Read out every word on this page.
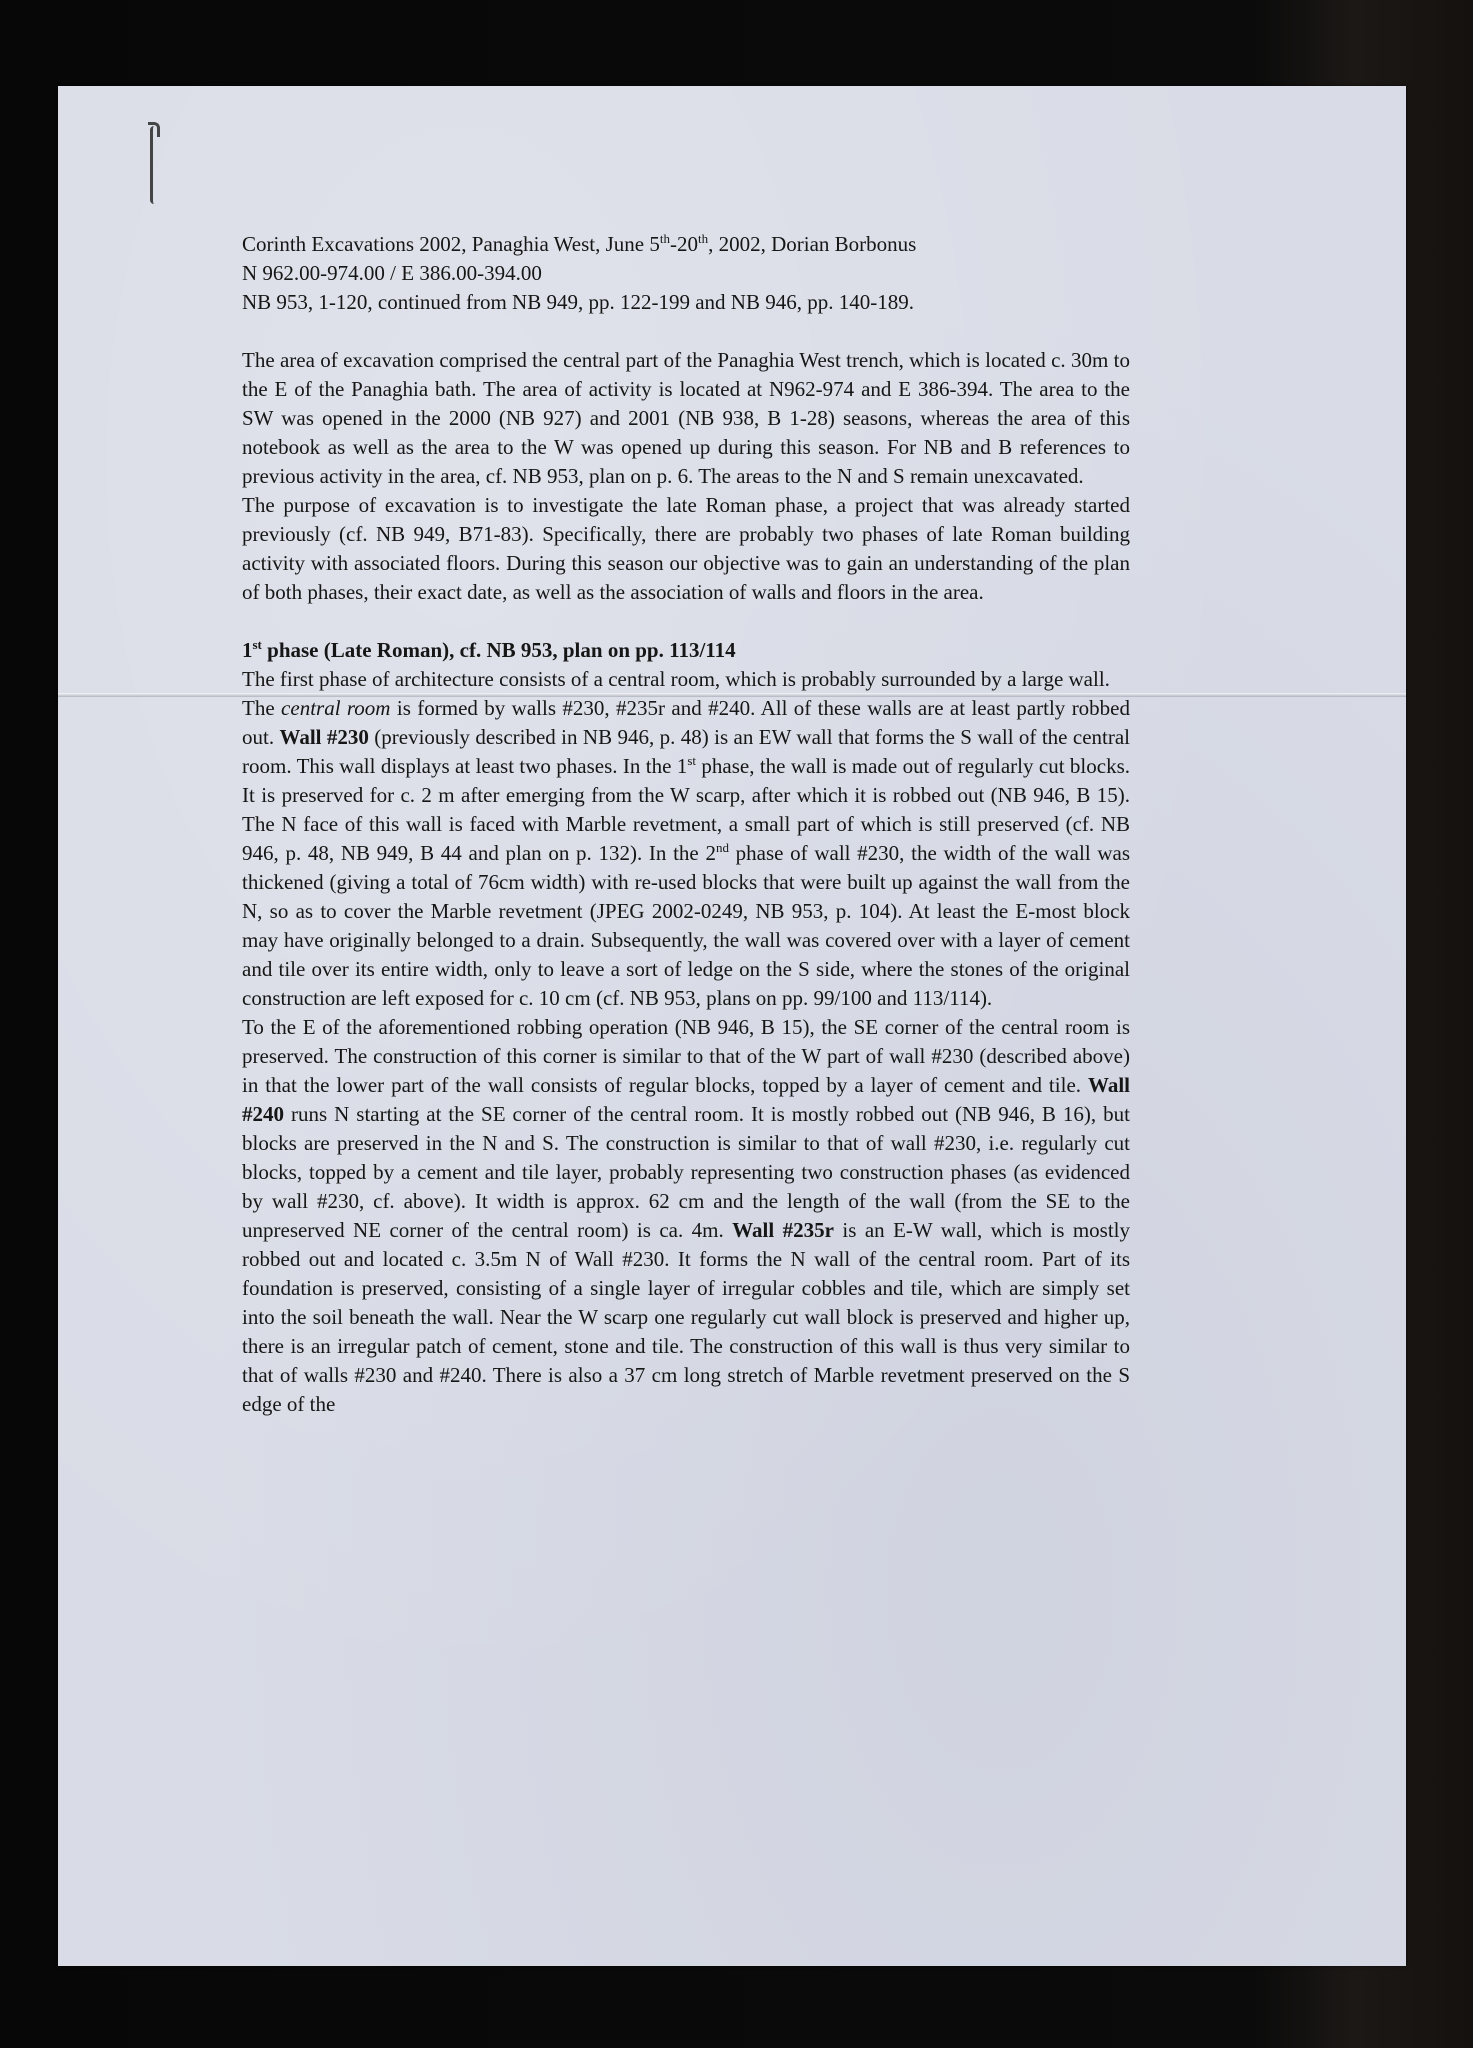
Corinth Excavations 2002, Panaghia West, June 5th-20th, 2002, Dorian Borbonus

N 962.00-974.00 / E 386.00-394.00

NB 953, 1-120, continued from NB 949, pp. 122-199 and NB 946, pp. 140-189.

The area of excavation comprised the central part of the Panaghia West trench, which is located c. 30m to the E of the Panaghia bath. The area of activity is located at N962-974 and E 386-394. The area to the SW was opened in the 2000 (NB 927) and 2001 (NB 938, B 1-28) seasons, whereas the area of this notebook as well as the area to the W was opened up during this season. For NB and B references to previous activity in the area, cf. NB 953, plan on p. 6. The areas to the N and S remain unexcavated.

The purpose of excavation is to investigate the late Roman phase, a project that was already started previously (cf. NB 949, B71-83). Specifically, there are probably two phases of late Roman building activity with associated floors. During this season our objective was to gain an understanding of the plan of both phases, their exact date, as well as the association of walls and floors in the area.

1st phase (Late Roman), cf. NB 953, plan on pp. 113/114

The first phase of architecture consists of a central room, which is probably surrounded by a large wall.

The central room is formed by walls #230, #235r and #240. All of these walls are at least partly robbed out. Wall #230 (previously described in NB 946, p. 48) is an EW wall that forms the S wall of the central room. This wall displays at least two phases. In the 1st phase, the wall is made out of regularly cut blocks. It is preserved for c. 2 m after emerging from the W scarp, after which it is robbed out (NB 946, B 15). The N face of this wall is faced with Marble revetment, a small part of which is still preserved (cf. NB 946, p. 48, NB 949, B 44 and plan on p. 132). In the 2nd phase of wall #230, the width of the wall was thickened (giving a total of 76cm width) with re-used blocks that were built up against the wall from the N, so as to cover the Marble revetment (JPEG 2002-0249, NB 953, p. 104). At least the E-most block may have originally belonged to a drain. Subsequently, the wall was covered over with a layer of cement and tile over its entire width, only to leave a sort of ledge on the S side, where the stones of the original construction are left exposed for c. 10 cm (cf. NB 953, plans on pp. 99/100 and 113/114).

To the E of the aforementioned robbing operation (NB 946, B 15), the SE corner of the central room is preserved. The construction of this corner is similar to that of the W part of wall #230 (described above) in that the lower part of the wall consists of regular blocks, topped by a layer of cement and tile. Wall #240 runs N starting at the SE corner of the central room. It is mostly robbed out (NB 946, B 16), but blocks are preserved in the N and S. The construction is similar to that of wall #230, i.e. regularly cut blocks, topped by a cement and tile layer, probably representing two construction phases (as evidenced by wall #230, cf. above). It width is approx. 62 cm and the length of the wall (from the SE to the unpreserved NE corner of the central room) is ca. 4m. Wall #235r is an E-W wall, which is mostly robbed out and located c. 3.5m N of Wall #230. It forms the N wall of the central room. Part of its foundation is preserved, consisting of a single layer of irregular cobbles and tile, which are simply set into the soil beneath the wall. Near the W scarp one regularly cut wall block is preserved and higher up, there is an irregular patch of cement, stone and tile. The construction of this wall is thus very similar to that of walls #230 and #240. There is also a 37 cm long stretch of Marble revetment preserved on the S edge of the
